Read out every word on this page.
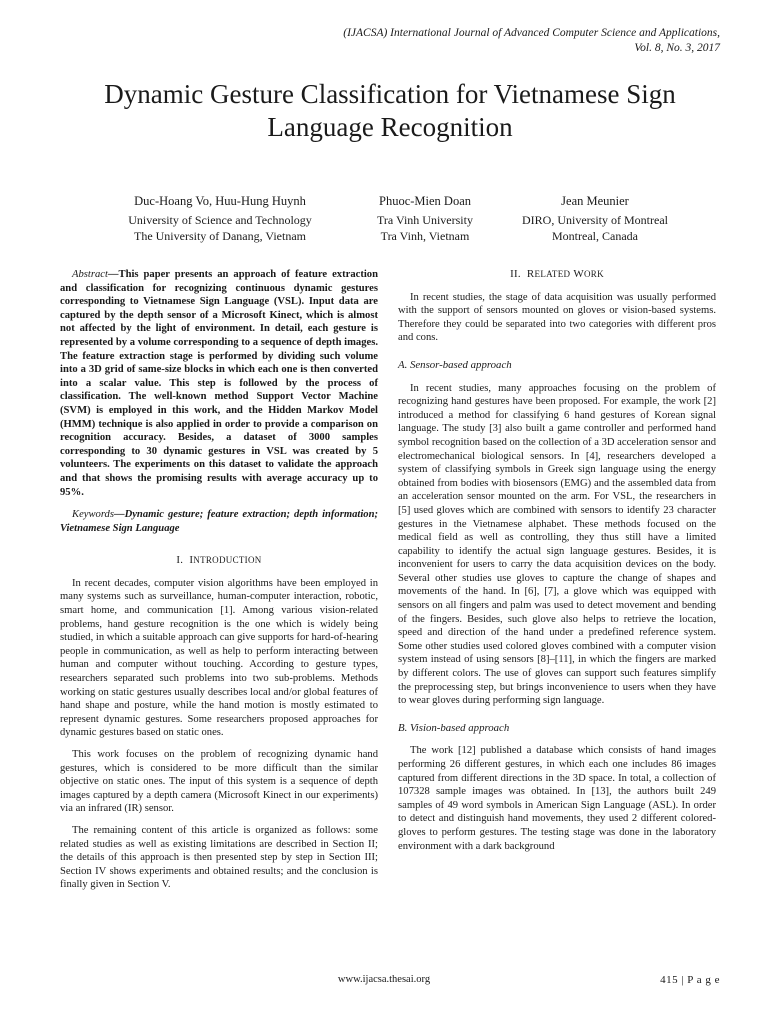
(IJACSA) International Journal of Advanced Computer Science and Applications,
Vol. 8, No. 3, 2017
Dynamic Gesture Classification for Vietnamese Sign
Language Recognition
Duc-Hoang Vo, Huu-Hung Huynh
University of Science and Technology
The University of Danang, Vietnam
Phuoc-Mien Doan
Tra Vinh University
Tra Vinh, Vietnam
Jean Meunier
DIRO, University of Montreal
Montreal, Canada

Abstract—This paper presents an approach of feature extraction and classification for recognizing continuous dynamic gestures corresponding to Vietnamese Sign Language (VSL). Input data are captured by the depth sensor of a Microsoft Kinect, which is almost not affected by the light of environment. In detail, each gesture is represented by a volume corresponding to a sequence of depth images. The feature extraction stage is performed by dividing such volume into a 3D grid of same-size blocks in which each one is then converted into a scalar value. This step is followed by the process of classification. The well-known method Support Vector Machine (SVM) is employed in this work, and the Hidden Markov Model (HMM) technique is also applied in order to provide a comparison on recognition accuracy. Besides, a dataset of 3000 samples corresponding to 30 dynamic gestures in VSL was created by 5 volunteers. The experiments on this dataset to validate the approach and that shows the promising results with average accuracy up to 95%.

Keywords—Dynamic gesture; feature extraction; depth information; Vietnamese Sign Language

I. INTRODUCTION

In recent decades, computer vision algorithms have been employed in many systems such as surveillance, human-computer interaction, robotic, smart home, and communication [1]. Among various vision-related problems, hand gesture recognition is the one which is widely being studied, in which a suitable approach can give supports for hard-of-hearing people in communication, as well as help to perform interacting between human and computer without touching. According to gesture types, researchers separated such problems into two sub-problems. Methods working on static gestures usually describes local and/or global features of hand shape and posture, while the hand motion is mostly estimated to represent dynamic gestures. Some researchers proposed approaches for dynamic gestures based on static ones.

This work focuses on the problem of recognizing dynamic hand gestures, which is considered to be more difficult than the similar objective on static ones. The input of this system is a sequence of depth images captured by a depth camera (Microsoft Kinect in our experiments) via an infrared (IR) sensor.

The remaining content of this article is organized as follows: some related studies as well as existing limitations are described in Section II; the details of this approach is then presented step by step in Section III; Section IV shows experiments and obtained results; and the conclusion is finally given in Section V.

II. RELATED WORK

In recent studies, the stage of data acquisition was usually performed with the support of sensors mounted on gloves or vision-based systems. Therefore they could be separated into two categories with different pros and cons.

A. Sensor-based approach

In recent studies, many approaches focusing on the problem of recognizing hand gestures have been proposed. For example, the work [2] introduced a method for classifying 6 hand gestures of Korean signal language. The study [3] also built a game controller and performed hand symbol recognition based on the collection of a 3D acceleration sensor and electromechanical biological sensors. In [4], researchers developed a system of classifying symbols in Greek sign language using the energy obtained from bodies with biosensors (EMG) and the assembled data from an acceleration sensor mounted on the arm. For VSL, the researchers in [5] used gloves which are combined with sensors to identify 23 character gestures in the Vietnamese alphabet. These methods focused on the medical field as well as controlling, they thus still have a limited capability to identify the actual sign language gestures. Besides, it is inconvenient for users to carry the data acquisition devices on the body. Several other studies use gloves to capture the change of shapes and movements of the hand. In [6], [7], a glove which was equipped with sensors on all fingers and palm was used to detect movement and bending of the fingers. Besides, such glove also helps to retrieve the location, speed and direction of the hand under a predefined reference system. Some other studies used colored gloves combined with a computer vision system instead of using sensors [8]–[11], in which the fingers are marked by different colors. The use of gloves can support such features simplify the preprocessing step, but brings inconvenience to users when they have to wear gloves during performing sign language.

B. Vision-based approach

The work [12] published a database which consists of hand images performing 26 different gestures, in which each one includes 86 images captured from different directions in the 3D space. In total, a collection of 107328 sample images was obtained. In [13], the authors built 249 samples of 49 word symbols in American Sign Language (ASL). In order to detect and distinguish hand movements, they used 2 different colored-gloves to perform gestures. The testing stage was done in the laboratory environment with a dark background

www.ijacsa.thesai.org	415 | P a g e
